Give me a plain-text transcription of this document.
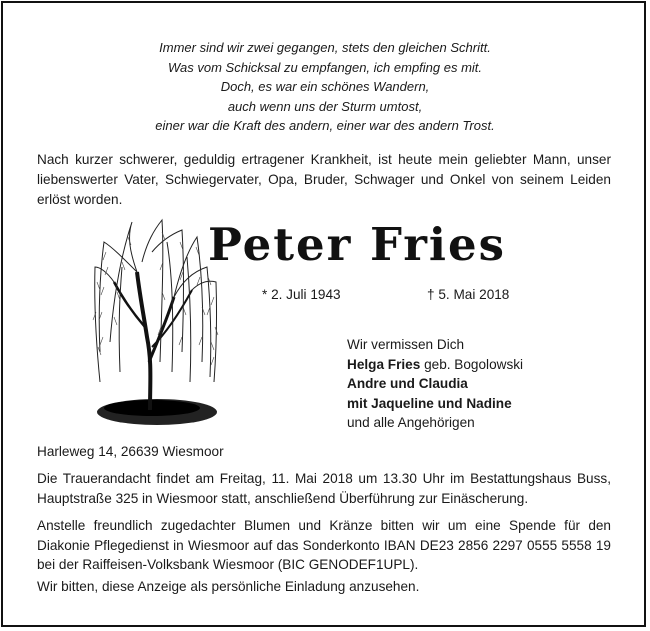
Immer sind wir zwei gegangen, stets den gleichen Schritt.
Was vom Schicksal zu empfangen, ich empfing es mit.
Doch, es war ein schönes Wandern,
auch wenn uns der Sturm umtost,
einer war die Kraft des andern, einer war des andern Trost.
Nach kurzer schwerer, geduldig ertragener Krankheit, ist heute mein geliebter Mann, unser liebenswerter Vater, Schwiegervater, Opa, Bruder, Schwager und Onkel von seinem Leiden erlöst worden.
Peter Fries
* 2. Juli 1943	† 5. Mai 2018
Wir vermissen Dich
Helga Fries geb. Bogolowski
Andre und Claudia
mit Jaqueline und Nadine
und alle Angehörigen
Harleweg 14, 26639 Wiesmoor
Die Trauerandacht findet am Freitag, 11. Mai 2018 um 13.30 Uhr im Bestattungshaus Buss, Hauptstraße 325 in Wiesmoor statt, anschließend Überführung zur Einäscherung.
Anstelle freundlich zugedachter Blumen und Kränze bitten wir um eine Spende für den Diakonie Pflegedienst in Wiesmoor auf das Sonderkonto IBAN DE23 2856 2297 0555 5558 19 bei der Raiffeisen-Volksbank Wiesmoor (BIC GENODEF1UPL).
Wir bitten, diese Anzeige als persönliche Einladung anzusehen.
